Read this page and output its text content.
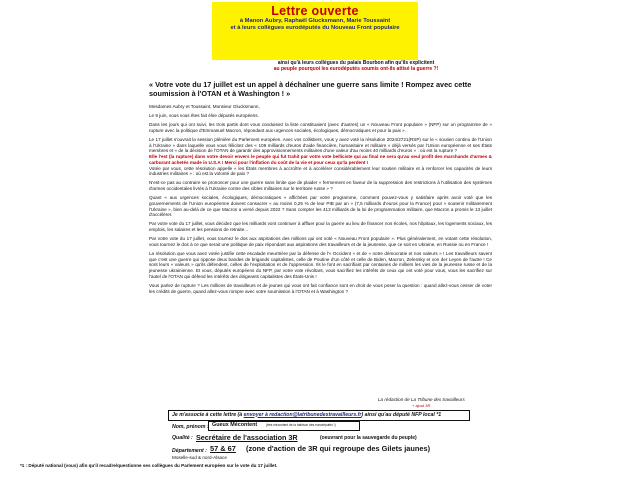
Lettre ouverte
à Manon Aubry, Raphaël Glucksmann, Marie Toussaint
et à leurs collègues eurodéputés du Nouveau Front populaire
ainsi qu'à leurs collègues du palais Bourbon afin qu'ils explicitent
au peuple pourquoi les eurodéputés soumis ont-ils attisé la guerre ?!
« Votre vote du 17 juillet est un appel à déchaîner une guerre sans limite ! Rompez avec cette soumission à l'OTAN et à Washington ! »

Mesdames Aubry et Toussaint, Monsieur Glucksmann,

Le 9 juin, vous vous êtes fait élire députés européens.

Dans les jours qui ont suivi, les trois partis dont vous conduisiez la liste constituaient (avec d'autres) un « Nouveau Front populaire » (NFP) sur un programme de « rupture avec la politique d'Emmanuel Macron, répondant aux urgences sociales, écologiques, démocratiques et pour la paix ».

Le 17 juillet s'ouvrait la session plénière du Parlement européen. Avec vos collistiers, vous y avez voté la résolution 2024/2721(RSP) sur le « soutien continu de l'Union à l'Ukraine » dans laquelle vous vous félicitez des « 108 milliards d'euros d'aide financière, humanitaire et militaire » déjà versés par l'Union européenne et ses États membres et « de la décision de l'OTAN de garantir des approvisionnements militaires d'une valeur d'au moins 40 milliards d'euros » : où est la rupture ?

Elle l'est (la rupture) dans votre devoir envers le peuple qui fut trahit par votre vote belliciste qui au final ne sera qu'au seul profit des marchands d'armes & carburant achetés made in U.S.A ! Merci pour l'inflation du coût de la vie et pour ceux qu'la perdent !

Votée par vous, cette résolution appelle « les États membres à accroître et à accélérer considérablement leur soutien militaire et à renforcer les capacités de leurs industries militaires » : où est la volonté de paix ?

N'est-ce pas au contraire se prononcer pour une guerre sans limite que de plaider « fermement en faveur de la suppression des restrictions à l'utilisation des systèmes d'armes occidentales livrés à l'Ukraine contre des cibles militaires sur le territoire russe » ?

Quant « aux urgences sociales, écologiques, démocratiques » affichées par votre programme, comment pouvez-vous y satisfaire après avoir voté que les gouvernements de l'Union européenne doivent consacrer « au moins 0,25 % de leur PIB par an » (7,5 milliards d'euros pour la France) pour « soutenir militairement l'Ukraine », bien au-delà de ce que Macron a versé depuis 2022 ? Sans compter les 413 milliards de la loi de programmation militaire, que Macron a promis le 13 juillet d'accélérer.

Par votre vote du 17 juillet, vous décidez que les milliards vont continuer à affluer pour la guerre au lieu de financer nos écoles, nos hôpitaux, les logements sociaux, les emplois, les salaires et les pensions de retraite...

Par votre vote du 17 juillet, vous tournez le dos aux aspirations des millions qui ont voté « Nouveau Front populaire ». Plus généralement, en votant cette résolution, vous tournez le dos à ce que serait une politique de paix répondant aux aspirations des travailleurs et de la jeunesse, que ce soit en Ukraine, en Russie ou en France !

La résolution que vous avez votée justifie cette escalade meurtrière par la défense de l'« Occident » et de « notre démocratie et nos valeurs » ! Les travailleurs savent que c'est une guerre qui oppose deux bandes de brigands capitalistes, celle de Poutine d'un côté et celle de Biden, Macron, Zelensky et von der Leyen de l'autre ! Ce sont leurs « valeurs » qu'ils défendent, celles de l'exploitation et de l'oppression. Ils le font en sacrifiant par centaines de milliers les vies de la jeunesse russe et de la jeunesse ukrainienne. Et vous, députés européens du NFP, par votre vote révoltant, vous sacrifiez les intérêts de ceux qui ont voté pour vous, vous les sacrifiez sur l'autel de l'OTAN qui défend les intérêts des dirigeants capitalistes des États-Unis !

Vous parlez de rupture ? Les millions de travailleurs et de jeunes qui vous ont fait confiance sont en droit de vous poser la question : quand allez-vous cesser de voter les crédits de guerre, quand allez-vous rompre avec votre soumission à l'OTAN et à Washington ?

La rédaction de La Tribune des travailleurs
+ ajout 3R
Je m'associe à cette lettre (à envoyer à redaction@latribunedestravailleurs.fr) ainsi qu'au député NFP local *1
Nom, prénom : Gueux Mécontent	(très mécontent de la trahison des eurodéputés !)
Qualité : Secrétaire de l'association 3R	(oeuvrant pour la sauvegarde du peuple)
Département : 57 & 67 (zone d'action de 3R qui regroupe des Gilets jaunes)
Moselle-sud & nord-Alsace
*1 : Député national (vous) afin qu'il recadre/questionne ses collègues du Parlement européen sur le vote du 17 juillet.
